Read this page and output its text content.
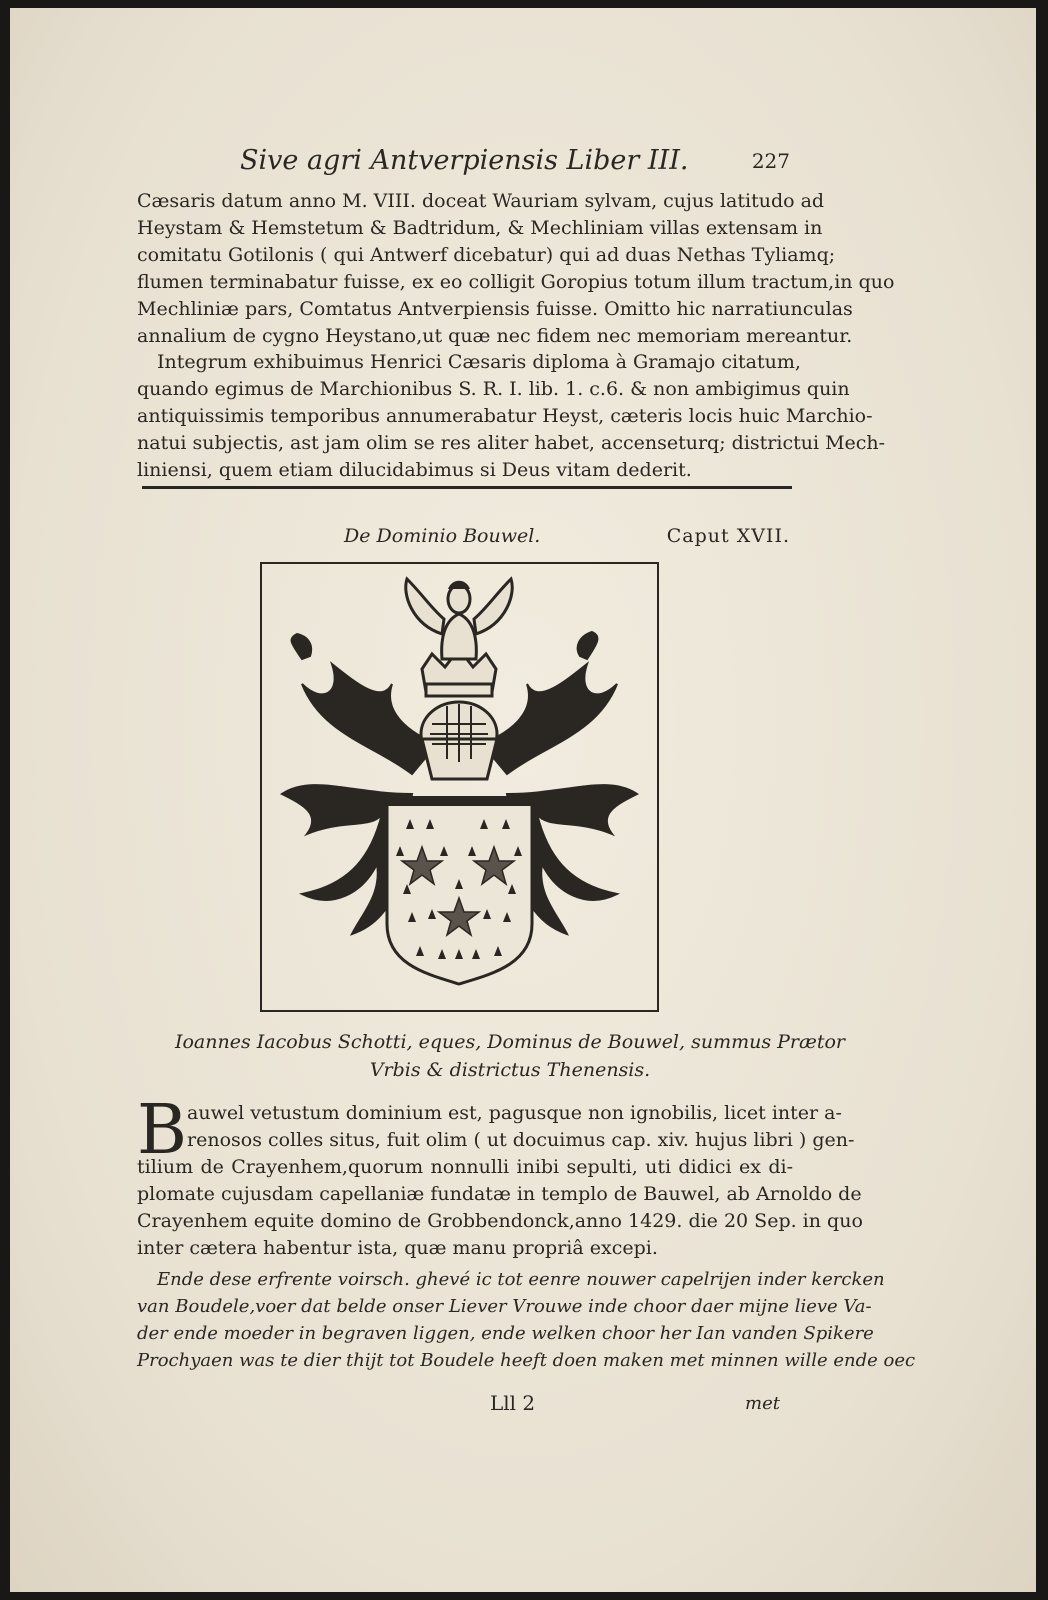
Sive agri Antverpiensis Liber III.	227

Cæsaris datum anno M. VIII. doceat Wauriam sylvam, cujus latitudo ad
Heystam & Hemstetum & Badtridum, & Mechliniam villas extensam in
comitatu Gotilonis ( qui Antwerf dicebatur) qui ad duas Nethas Tyliamq;
flumen terminabatur fuisse, ex eo colligit Goropius totum illum tractum,in quo
Mechliniæ pars, Comtatus Antverpiensis fuisse. Omitto hic narratiunculas
annalium de cygno Heystano,ut quæ nec fidem nec memoriam mereantur.

Integrum exhibuimus Henrici Cæsaris diploma à Gramajo citatum,
quando egimus de Marchionibus S. R. I. lib. 1. c.6. & non ambigimus quin
antiquissimis temporibus annumerabatur Heyst, cæteris locis huic Marchio-
natui subjectis, ast jam olim se res aliter habet, accenseturq; districtui Mech-
liniensi, quem etiam dilucidabimus si Deus vitam dederit.

De Dominio Bouwel.	Caput XVII.
Ioannes Iacobus Schotti, eques, Dominus de Bouwel, summus Prætor
Vrbis & districtus Thenensis.
B auwel vetustum dominium est, pagusque non ignobilis, licet inter a-
renosos colles situs, fuit olim ( ut docuimus cap. xiv. hujus libri ) gen-
tilium de Crayenhem,quorum nonnulli inibi sepulti, uti didici ex di-
plomate cujusdam capellaniæ fundatæ in templo de Bauwel, ab Arnoldo de
Crayenhem equite domino de Grobbendonck,anno 1429. die 20 Sep. in quo
inter cætera habentur ista, quæ manu propriâ excepi.

Ende dese erfrente voirsch. ghevé ic tot eenre nouwer capelrijen inder kercken
van Boudele,voer dat belde onser Liever Vrouwe inde choor daer mijne lieve Va-
der ende moeder in begraven liggen, ende welken choor her Ian vanden Spikere
Prochyaen was te dier thijt tot Boudele heeft doen maken met minnen wille ende oec

Lll 2	met
